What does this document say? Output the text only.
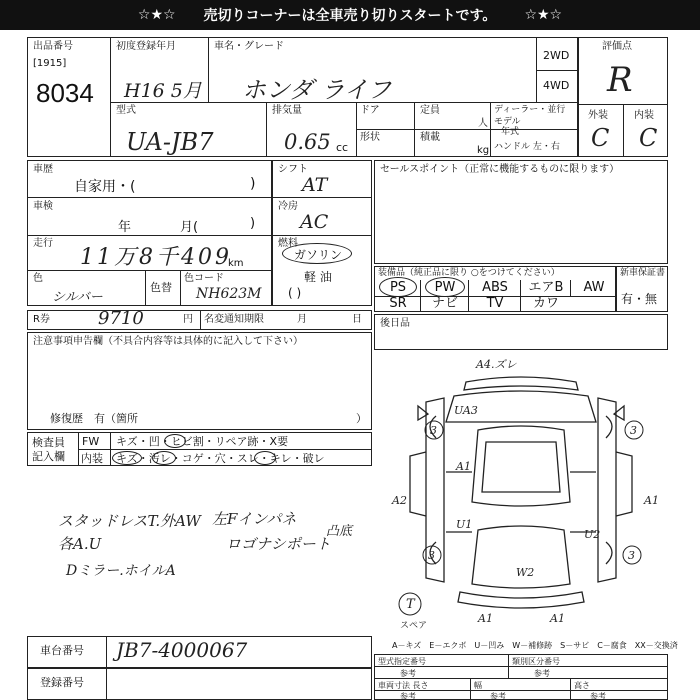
☆★☆ 売切りコーナーは全車売り切りスタートです。 ☆★☆
出品番号
[1915]
8034
初度登録年月
H16 5月
車名・グレード
ホンダ ライフ
2WD
4WD
評価点
R
外装	内装
C C
型式
UA-JB7
排気量
0.65 cc
ドア
形状
定員
人
積載
kg
ディーラー・並行
モデル
年式
ハンドル 左・右
車歴
自家用・(	)
車検
年	月(	)
走行
11万8千409
km
色
シルバー
色替
色コード
NH623M
シフト
AT
冷房
AC
燃料
ガソリン
軽 油
( )
セールスポイント（正常に機能するものに限ります）
装備品（純正品に限り ○をつけてください）	新車保証書
有・無
PS	PW	ABS	エアB	AW
SR	ナビ	TV	カワ
R券	9710	円 名変通知期限	月	日
注意事項申告欄（不具合内容等は具体的に記入して下さい）
修復歴　有（箇所	）
後日品
検査員
記入欄
FW キズ・凹・ヒビ割・リペア跡・X要
内装 キズ・汚レ・コゲ・穴・スレ・キレ・破レ
スタッドレスT.外AW
各A.U
Dミラー.ホイルA
左Fインパネ
ロゴナシポート
凸底
A4.ズレ
UA3
3	3
A1
A2
U1
U2
A1
3	3
W2
A1	A1
T
スペア
A－キズ　E－エクボ　U－凹み　W－補修跡　S－サビ　C－腐食　XX－交換済
車台番号 JB7-4000067
登録番号
型式指定番号	類別区分番号
参考	参考
車両寸法 長さ	幅	高さ
参考	参考	参考
